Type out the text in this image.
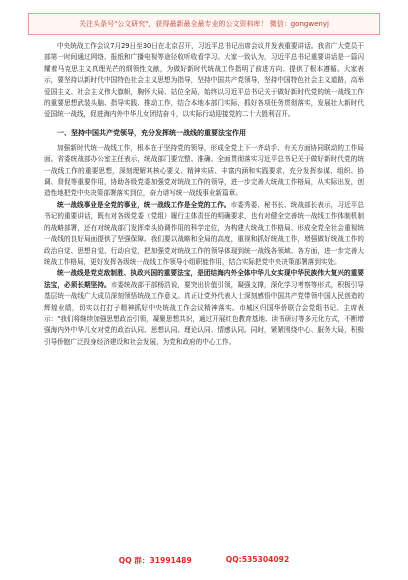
关注头条号"公文研究"，获得最新最全最专业的公文资料库！ 微信：gongwenyj

中央统战工作会议7月29日至30日在北京召开，习近平总书记出席会议并发表重要讲话。我省广大党员干部第一时间通过网络、报纸和广播电视等途径收听收看学习。大家一致认为，习近平总书记重要讲话是一篇闪耀着马克思主义真理光芒的纲领性文献，为做好新时代统战工作指明了前进方向、提供了根本遵循。大家表示，要坚持以新时代中国特色社会主义思想为指导，坚持中国共产党领导，坚持中国特色社会主义道路，高举爱国主义、社会主义伟大旗帜，胸怀大局、站位全局，始终以习近平总书记关于做好新时代党的统一战线工作的重要思想武装头脑、指导实践、推动工作，结合本地本部门实际，抓好各项任务贯彻落实，发展壮大新时代爱国统一战线，促进海内外中华儿女团结奋斗，以实际行动迎接党的二十大胜利召开。

一、坚持中国共产党领导，充分发挥统一战线的重要法宝作用

加强新时代统一战线工作，根本在于坚持党的领导，形成全党上下一齐动手、有关方面协同联动的工作局面。省委统战部办公室主任表示，统战部门要完整、准确、全面贯彻落实习近平总书记关于做好新时代党的统一战线工作的重要思想，深刻理解其核心要义、精神实质、丰富内涵和实践要求，充分发挥参谋、组织、协调、督促等重要作用，协助各级党委加强党对统战工作的领导，进一步完善大统战工作格局，从实际出发，创造性地把党中央决策部署落实到位，奋力谱写统一战线事业新篇章。

统一战线事业是全党的事业，统一战线工作是全党的工作。市委秀委、秘书长、统战部长表示，习近平总书记的重要讲话，既有对各级党委（党组）履行主体责任的明确要求，也有对健全完善统一战线工作体制机制的战略部署，还有对统战部门发挥牵头协调作用的科学定位，为构建大统战工作格局、形成全党全社会重视统一战线的良好局面提供了坚强保障。我们要以战略和全局的高度，重视和抓好统战工作，增强做好统战工作的政治自觉、思想自觉、行动自觉，把加强党对统战工作的领导体现到统一战线各领域、各方面，进一步完善大统战工作格局，更好发挥各级统一战线工作领导小组职能作用，结合实际把党中央决策部署落到实处。

统一战线是党克敌制胜、执政兴国的重要法宝，是团结海内外全体中华儿女实现中华民族伟大复兴的重要法宝，必须长期坚持。市委统战部干部杨浩说，要突出价值引领，凝强支撑，深化学习考察等形式，积极引导基层统一战线广大成员深刻领悟统战工作意义。真正让党外代表人士深刻感悟中国共产党带领中国人民创造的辉煌业绩，切实以打打子精神抓好中央统战工作会议精神落实。市城区归国华侨联合会党组书记、主席表示："我们将继续加强思想政治引领，凝聚思想共识，通过开展红色教育基地、读书研讨等多元化方式，不断增强海内外中华儿女对党的政治认同、思想认同、理论认同、情感认同。同时，紧紧围绕中心、服务大局，积极引导侨胞广泛投身经济建设和社会发展，为党和政府的中心工作。

QQ 群：31991489	QQ:535304092
